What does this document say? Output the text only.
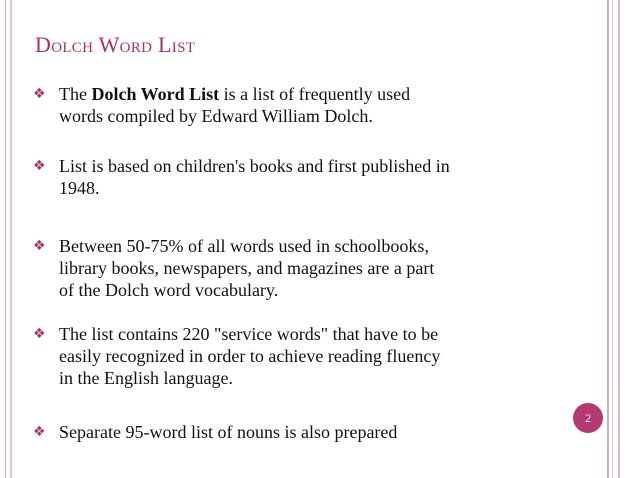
Dolch Word List
❖ The Dolch Word List is a list of frequently used
words compiled by Edward William Dolch.
❖ List is based on children's books and first published in
1948.
❖ Between 50-75% of all words used in schoolbooks,
library books, newspapers, and magazines are a part
of the Dolch word vocabulary.
❖ The list contains 220 "service words" that have to be
easily recognized in order to achieve reading fluency
in the English language.
❖ Separate 95-word list of nouns is also prepared
2
